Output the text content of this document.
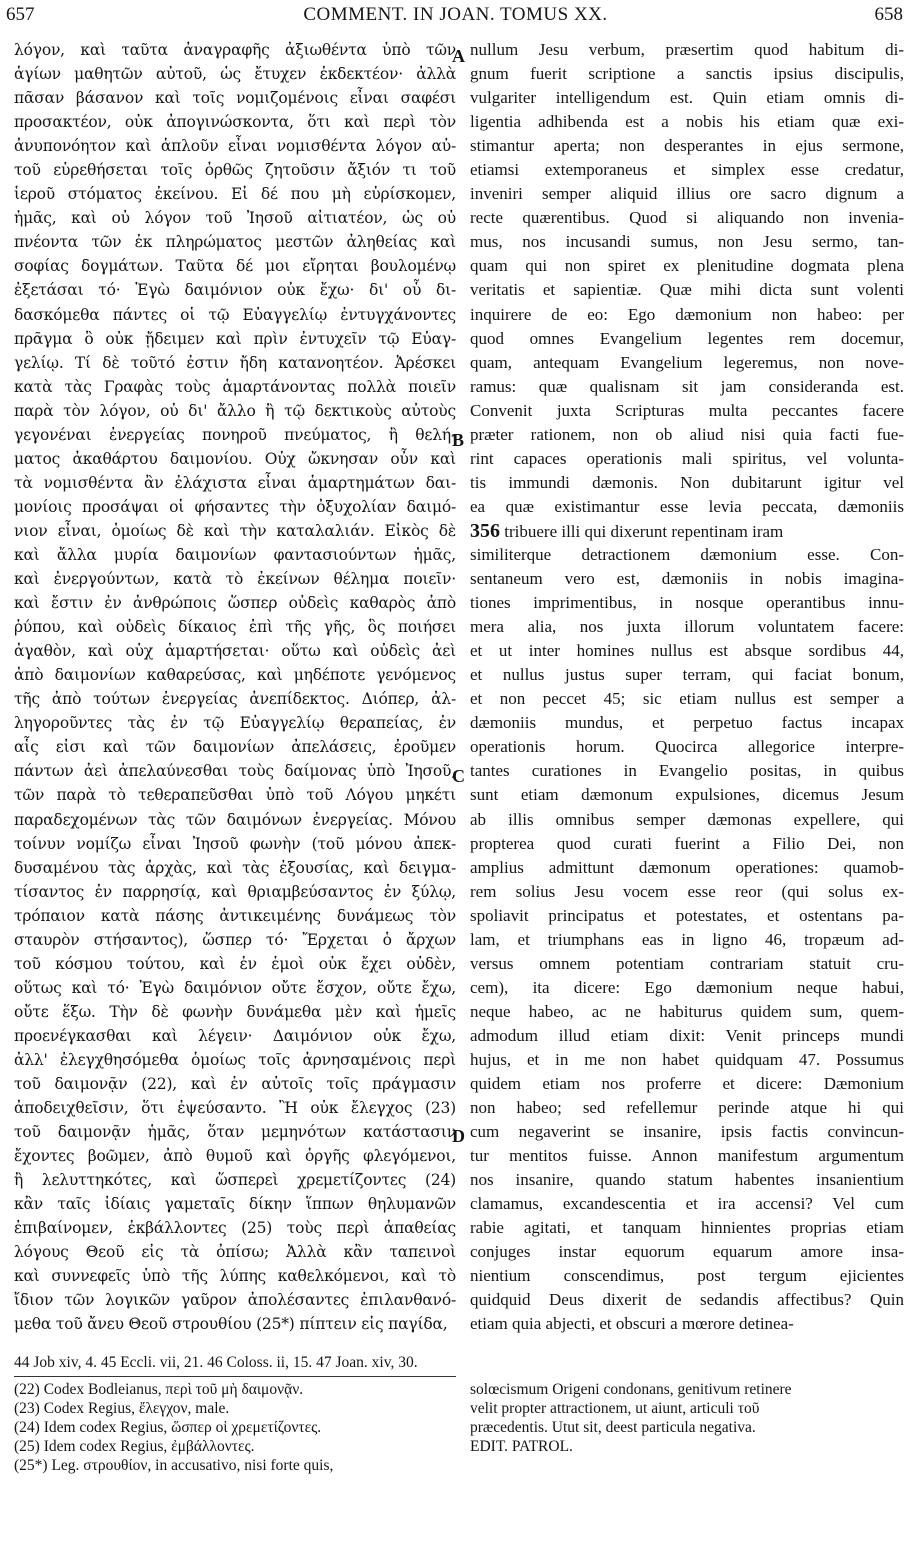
COMMENT. IN JOAN. TOMUS XX.
657	658
λόγον, καὶ ταῦτα ἀναγραφῆς ἀξιωθέντα ὑπὸ τῶν
ἁγίων μαθητῶν αὐτοῦ, ὡς ἔτυχεν ἐκδεκτέον· ἀλλὰ
πᾶσαν βάσανον καὶ τοῖς νομιζομένοις εἶναι σαφέσι
προσακτέον, οὐκ ἀπογινώσκοντα, ὅτι καὶ περὶ τὸν
ἀνυπονόητον καὶ ἁπλοῦν εἶναι νομισθέντα λόγον αὐ-
τοῦ εὑρεθήσεται τοῖς ὀρθῶς ζητοῦσιν ἄξιόν τι τοῦ
ἱεροῦ στόματος ἐκείνου. Εἰ δέ που μὴ εὑρίσκομεν,
ἡμᾶς, καὶ οὐ λόγον τοῦ Ἰησοῦ αἰτιατέον, ὡς οὐ
πνέοντα τῶν ἐκ πληρώματος μεστῶν ἀληθείας καὶ
σοφίας δογμάτων. Ταῦτα δέ μοι εἴρηται βουλομένῳ
ἐξετάσαι τό· Ἐγὼ δαιμόνιον οὐκ ἔχω· δι' οὗ δι-
δασκόμεθα πάντες οἱ τῷ Εὐαγγελίῳ ἐντυγχάνοντες
πρᾶγμα ὃ οὐκ ᾔδειμεν καὶ πρὶν ἐντυχεῖν τῷ Εὐαγ-
γελίῳ. Τί δὲ τοῦτό ἐστιν ἤδη κατανοητέον. Ἀρέσκει
κατὰ τὰς Γραφὰς τοὺς ἁμαρτάνοντας πολλὰ ποιεῖν
παρὰ τὸν λόγον, οὐ δι' ἄλλο ἢ τῷ δεκτικοὺς αὐτοὺς
γεγονέναι ἐνεργείας πονηροῦ πνεύματος, ἢ θελή-
ματος ἀκαθάρτου δαιμονίου. Οὐχ ὤκνησαν οὖν καὶ
τὰ νομισθέντα ἂν ἐλάχιστα εἶναι ἁμαρτημάτων δαι-
μονίοις προσάψαι οἱ φήσαντες τὴν ὀξυχολίαν δαιμό-
νιον εἶναι, ὁμοίως δὲ καὶ τὴν καταλαλιάν. Εἰκὸς δὲ
καὶ ἄλλα μυρία δαιμονίων φαντασιούντων ἡμᾶς,
καὶ ἐνεργούντων, κατὰ τὸ ἐκείνων θέλημα ποιεῖν·
καὶ ἔστιν ἐν ἀνθρώποις ὥσπερ οὐδεὶς καθαρὸς ἀπὸ
ῥύπου, καὶ οὐδεὶς δίκαιος ἐπὶ τῆς γῆς, ὃς ποιήσει
ἀγαθὸν, καὶ οὐχ ἁμαρτήσεται· οὕτω καὶ οὐδεὶς ἀεὶ
ἀπὸ δαιμονίων καθαρεύσας, καὶ μηδέποτε γενόμενος
τῆς ἀπὸ τούτων ἐνεργείας ἀνεπίδεκτος. Διόπερ, ἀλ-
ληγοροῦντες τὰς ἐν τῷ Εὐαγγελίῳ θεραπείας, ἐν
αἷς εἰσι καὶ τῶν δαιμονίων ἀπελάσεις, ἐροῦμεν
πάντων ἀεὶ ἀπελαύνεσθαι τοὺς δαίμονας ὑπὸ Ἰησοῦ,
τῶν παρὰ τὸ τεθεραπεῦσθαι ὑπὸ τοῦ Λόγου μηκέτι
παραδεχομένων τὰς τῶν δαιμόνων ἐνεργείας. Μόνου
τοίνυν νομίζω εἶναι Ἰησοῦ φωνὴν (τοῦ μόνου ἀπεκ-
δυσαμένου τὰς ἀρχὰς, καὶ τὰς ἐξουσίας, καὶ δειγμα-
τίσαντος ἐν παρρησίᾳ, καὶ θριαμβεύσαντος ἐν ξύλῳ,
τρόπαιον κατὰ πάσης ἀντικειμένης δυνάμεως τὸν
σταυρὸν στήσαντος), ὥσπερ τό· Ἔρχεται ὁ ἄρχων
τοῦ κόσμου τούτου, καὶ ἐν ἐμοὶ οὐκ ἔχει οὐδὲν,
οὕτως καὶ τό· Ἐγὼ δαιμόνιον οὔτε ἔσχον, οὔτε ἔχω,
οὔτε ἕξω. Τὴν δὲ φωνὴν δυνάμεθα μὲν καὶ ἡμεῖς
προενέγκασθαι καὶ λέγειν· Δαιμόνιον οὐκ ἔχω,
ἀλλ' ἐλεγχθησόμεθα ὁμοίως τοῖς ἀρνησαμένοις περὶ
τοῦ δαιμονᾷν (22), καὶ ἐν αὐτοῖς τοῖς πράγμασιν
ἀποδειχθεῖσιν, ὅτι ἐψεύσαντο. Ἢ οὐκ ἔλεγχος (23)
τοῦ δαιμονᾷν ἡμᾶς, ὅταν μεμηνότων κατάστασιν
ἔχοντες βοῶμεν, ἀπὸ θυμοῦ καὶ ὀργῆς φλεγόμενοι,
ἢ λελυττηκότες, καὶ ὥσπερεὶ χρεμετίζοντες (24)
κἂν ταῖς ἰδίαις γαμεταῖς δίκην ἵππων θηλυμανῶν
ἐπιβαίνομεν, ἐκβάλλοντες (25) τοὺς περὶ ἀπαθείας
λόγους Θεοῦ εἰς τὰ ὀπίσω; Ἀλλὰ κἂν ταπεινοὶ
καὶ συννεφεῖς ὑπὸ τῆς λύπης καθελκόμενοι, καὶ τὸ
ἴδιον τῶν λογικῶν γαῦρον ἀπολέσαντες ἐπιλανθανό-
μεθα τοῦ ἄνευ Θεοῦ στρουθίου (25*) πίπτειν εἰς παγίδα,
nullum Jesu verbum, præsertim quod habitum di-
gnum fuerit scriptione a sanctis ipsius discipulis,
vulgariter intelligendum est. Quin etiam omnis di-
ligentia adhibenda est a nobis his etiam quæ exi-
stimantur aperta; non desperantes in ejus sermone,
etiamsi extemporaneus et simplex esse credatur,
inveniri semper aliquid illius ore sacro dignum a
recte quærentibus. Quod si aliquando non invenia-
mus, nos incusandi sumus, non Jesu sermo, tan-
quam qui non spiret ex plenitudine dogmata plena
veritatis et sapientiæ. Quæ mihi dicta sunt volenti
inquirere de eo: Ego dæmonium non habeo: per
quod omnes Evangelium legentes rem docemur,
quam, antequam Evangelium legeremus, non nove-
ramus: quæ qualisnam sit jam consideranda est.
Convenit juxta Scripturas multa peccantes facere
præter rationem, non ob aliud nisi quia facti fue-
rint capaces operationis mali spiritus, vel volunta-
tis immundi dæmonis. Non dubitarunt igitur vel
ea quæ existimantur esse levia peccata, dæmoniis
356 tribuere illi qui dixerunt repentinam iram
similiterque detractionem dæmonium esse. Con-
sentaneum vero est, dæmoniis in nobis imagina-
tiones imprimentibus, in nosque operantibus innu-
mera alia, nos juxta illorum voluntatem facere:
et ut inter homines nullus est absque sordibus 44,
et nullus justus super terram, qui faciat bonum,
et non peccet 45; sic etiam nullus est semper a
dæmoniis mundus, et perpetuo factus incapax
operationis horum. Quocirca allegorice interpre-
tantes curationes in Evangelio positas, in quibus
sunt etiam dæmonum expulsiones, dicemus Jesum
ab illis omnibus semper dæmonas expellere, qui
propterea quod curati fuerint a Filio Dei, non
amplius admittunt dæmonum operationes: quamob-
rem solius Jesu vocem esse reor (qui solus ex-
spoliavit principatus et potestates, et ostentans pa-
lam, et triumphans eas in ligno 46, tropæum ad-
versus omnem potentiam contrariam statuit cru-
cem), ita dicere: Ego dæmonium neque habui,
neque habeo, ac ne habiturus quidem sum, quem-
admodum illud etiam dixit: Venit princeps mundi
hujus, et in me non habet quidquam 47. Possumus
quidem etiam nos proferre et dicere: Dæmonium
non habeo; sed refellemur perinde atque hi qui
cum negaverint se insanire, ipsis factis convincun-
tur mentitos fuisse. Annon manifestum argumentum
nos insanire, quando statum habentes insanientium
clamamus, excandescentia et ira accensi? Vel cum
rabie agitati, et tanquam hinnientes proprias etiam
conjuges instar equorum equarum amore insa-
nientium conscendimus, post tergum ejicientes
quidquid Deus dixerit de sedandis affectibus? Quin
etiam quia abjecti, et obscuri a mœrore detinea-
A
B
C
D
44 Job xiv, 4. 45 Eccli. vii, 21. 46 Coloss. ii, 15. 47 Joan. xiv, 30.
(22) Codex Bodleianus, περὶ τοῦ μὴ δαιμονᾷν.
(23) Codex Regius, ἔλεγχον, male.
(24) Idem codex Regius, ὥσπερ οἱ χρεμετίζοντες.
(25) Idem codex Regius, ἐμβάλλοντες.
(25*) Leg. στρουθίον, in accusativo, nisi forte quis,
solœcismum Origeni condonans, genitivum retinere
velit propter attractionem, ut aiunt, articuli τοῦ
præcedentis. Utut sit, deest particula negativa.
EDIT. PATROL.
